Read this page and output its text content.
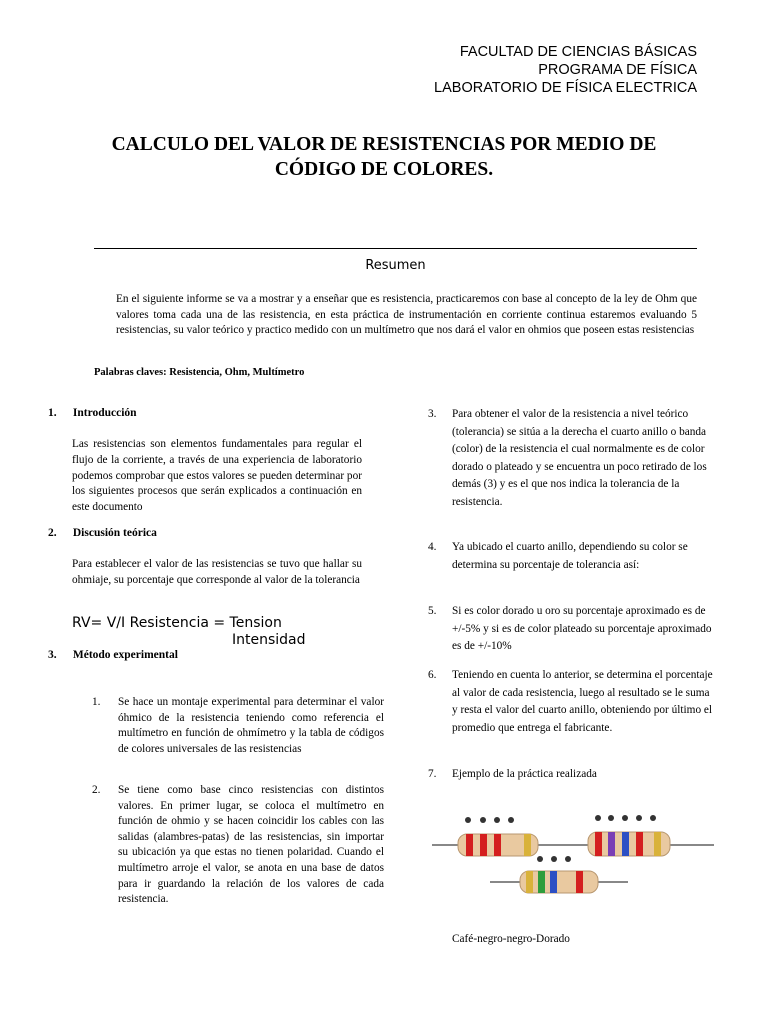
FACULTAD DE CIENCIAS BÁSICAS
PROGRAMA DE FÍSICA
LABORATORIO DE FÍSICA ELECTRICA
CALCULO DEL VALOR DE RESISTENCIAS POR MEDIO DE
CÓDIGO DE COLORES.
Resumen
En el siguiente informe se va a mostrar y a enseñar que es resistencia, practicaremos con base al concepto de la ley de Ohm que valores toma cada una de las resistencia, en esta práctica de instrumentación en corriente continua estaremos evaluando 5 resistencias, su valor teórico y practico medido con un multímetro que nos dará el valor en ohmios que poseen estas resistencias
Palabras claves: Resistencia, Ohm, Multímetro
1. Introducción
Las resistencias son elementos fundamentales para regular el flujo de la corriente, a través de una experiencia de laboratorio podemos comprobar que estos valores se pueden determinar por los siguientes procesos que serán explicados a continuación en este documento
2. Discusión teórica
Para establecer el valor de las resistencias se tuvo que hallar su ohmiaje, su porcentaje que corresponde al valor de la tolerancia
RV= V/I Resistencia = Tension
Intensidad
3. Método experimental
1. Se hace un montaje experimental para determinar el valor óhmico de la resistencia teniendo como referencia el multímetro en función de ohmímetro y la tabla de códigos de colores universales de las resistencias
2. Se tiene como base cinco resistencias con distintos valores. En primer lugar, se coloca el multímetro en función de ohmio y se hacen coincidir los cables con las salidas (alambres-patas) de las resistencias, sin importar su ubicación ya que estas no tienen polaridad. Cuando el multímetro arroje el valor, se anota en una base de datos para ir guardando la relación de los valores de cada resistencia.
3. Para obtener el valor de la resistencia a nivel teórico (tolerancia) se sitúa a la derecha el cuarto anillo o banda (color) de la resistencia el cual normalmente es de color dorado o plateado y se encuentra un poco retirado de los demás (3) y es el que nos indica la tolerancia de la resistencia.
4. Ya ubicado el cuarto anillo, dependiendo su color se determina su porcentaje de tolerancia así:
5. Si es color dorado u oro su porcentaje aproximado es de +/-5% y si es de color plateado su porcentaje aproximado es de +/-10%
6. Teniendo en cuenta lo anterior, se determina el porcentaje al valor de cada resistencia, luego al resultado se le suma y resta el valor del cuarto anillo, obteniendo por último el promedio que entrega el fabricante.
7. Ejemplo de la práctica realizada
Café-negro-negro-Dorado
